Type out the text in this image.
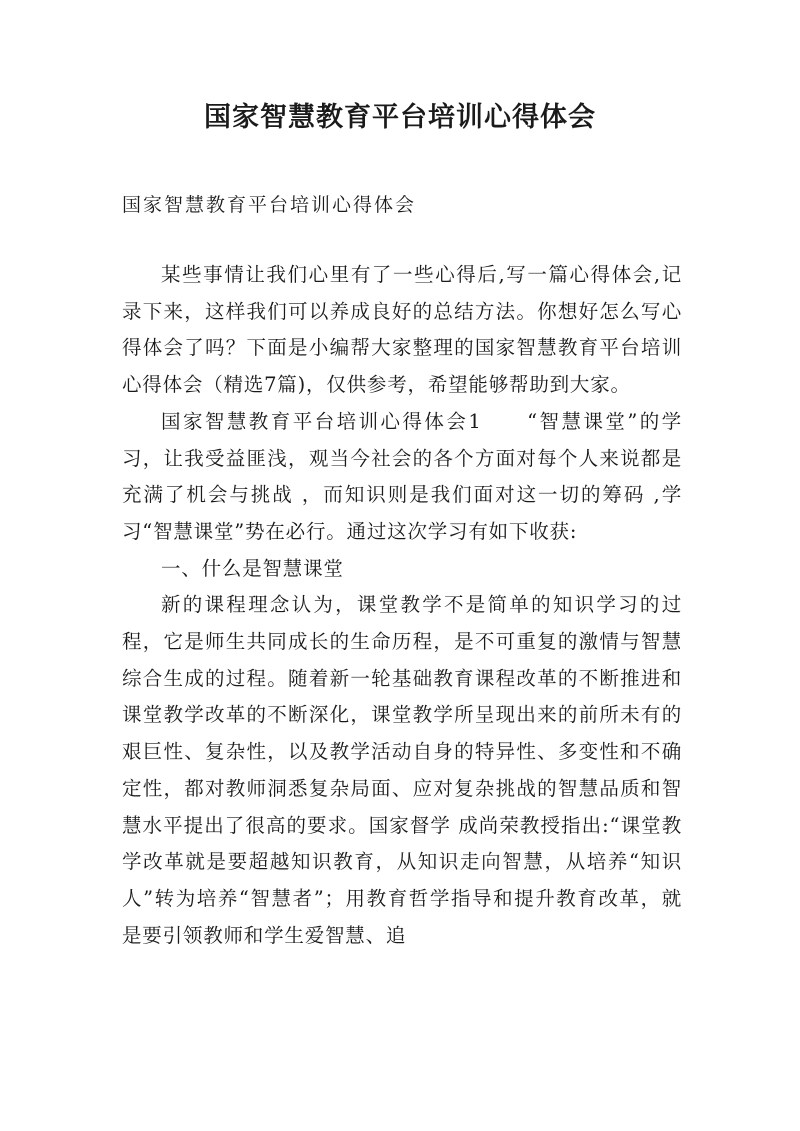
国家智慧教育平台培训心得体会

国家智慧教育平台培训心得体会

某些事情让我们心里有了一些心得后,写一篇心得体会,记录下来，这样我们可以养成良好的总结方法。你想好怎么写心得体会了吗？下面是小编帮大家整理的国家智慧教育平台培训心得体会（精选7篇)，仅供参考，希望能够帮助到大家。

国家智慧教育平台培训心得体会1　　“智慧课堂”的学习，让我受益匪浅，观当今社会的各个方面对每个人来说都是充满了机会与挑战 ，而知识则是我们面对这一切的筹码 ,学习“智慧课堂”势在必行。通过这次学习有如下收获:

一、什么是智慧课堂

新的课程理念认为，课堂教学不是简单的知识学习的过程，它是师生共同成长的生命历程，是不可重复的激情与智慧综合生成的过程。随着新一轮基础教育课程改革的不断推进和课堂教学改革的不断深化，课堂教学所呈现出来的前所未有的艰巨性、复杂性，以及教学活动自身的特异性、多变性和不确定性，都对教师洞悉复杂局面、应对复杂挑战的智慧品质和智慧水平提出了很高的要求。国家督学 成尚荣教授指出:“课堂教学改革就是要超越知识教育，从知识走向智慧，从培养“知识人”转为培养“智慧者”；用教育哲学指导和提升教育改革，就是要引领教师和学生爱智慧、追
